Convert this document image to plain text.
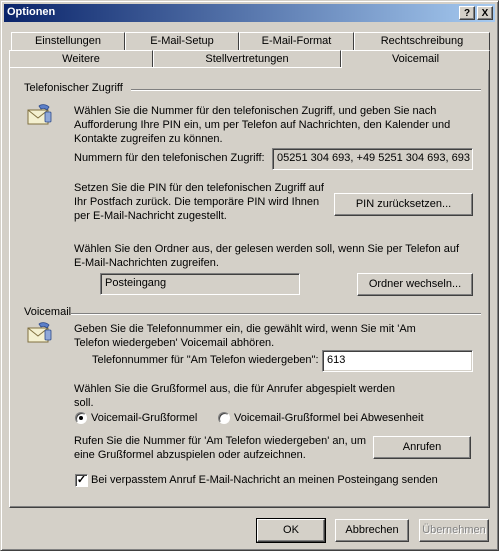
Optionen	?	X
Einstellungen	E-Mail-Setup	E-Mail-Format	Rechtschreibung
Weitere	Stellvertretungen	Voicemail
Telefonischer Zugriff
Wählen Sie die Nummer für den telefonischen Zugriff, und geben Sie nach
Aufforderung Ihre PIN ein, um per Telefon auf Nachrichten, den Kalender und
Kontakte zugreifen zu können.
Nummern für den telefonischen Zugriff:	05251 304 693, +49 5251 304 693, 693
Setzen Sie die PIN für den telefonischen Zugriff auf
Ihr Postfach zurück. Die temporäre PIN wird Ihnen
per E-Mail-Nachricht zugestellt.
PIN zurücksetzen...
Wählen Sie den Ordner aus, der gelesen werden soll, wenn Sie per Telefon auf
E-Mail-Nachrichten zugreifen.
Posteingang	Ordner wechseln...
Voicemail
Geben Sie die Telefonnummer ein, die gewählt wird, wenn Sie mit 'Am
Telefon wiedergeben' Voicemail abhören.
Telefonnummer für "Am Telefon wiedergeben": 613
Wählen Sie die Grußformel aus, die für Anrufer abgespielt werden
soll.
Voicemail-Grußformel	Voicemail-Grußformel bei Abwesenheit
Rufen Sie die Nummer für 'Am Telefon wiedergeben' an, um
eine Grußformel abzuspielen oder aufzeichnen.
Anrufen
✓ Bei verpasstem Anruf E-Mail-Nachricht an meinen Posteingang senden
OK	Abbrechen	Übernehmen
